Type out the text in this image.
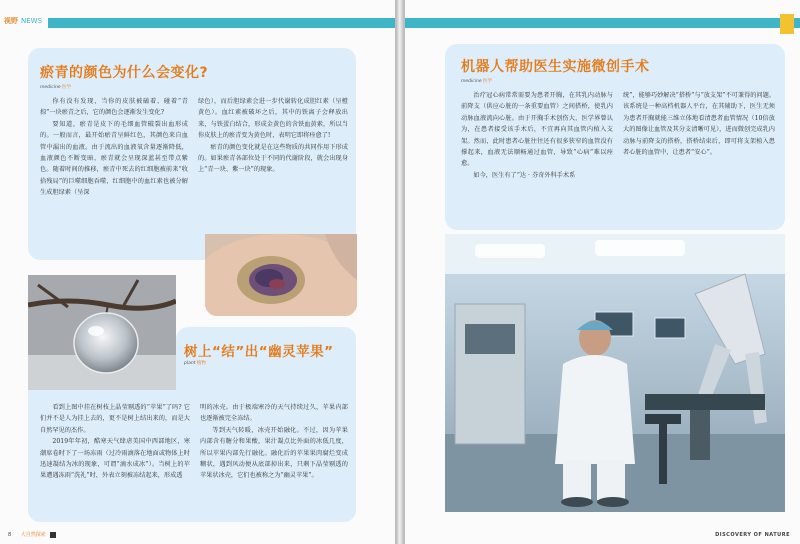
视野 NEWS
瘀青的颜色为什么会变化?
medicine 医学

你有没有发现，当你的皮肤被磕着、碰着“青掠”一块瘀青之后，它的颜色会逐渐发生变化?

要知道，瘀青是皮下的毛细血管破裂出血形成的。一般而言，最开始瘀青呈鲜红色，其颜色来自血管中漏出的血液。由于流出的血液氧含量逐渐降低，血液颜色不断变暗，瘀青就会呈现深蓝甚至带点紫色。随着时间的推移，瘀青中死去的红细胞被前来“收拾残局”的巨噬细胞吞噬，红细胞中的血红素也被分解生成胆绿素（呈深

绿色），而后胆绿素会进一步代谢转化成胆红素（呈橙黄色）。血红素被破坏之后，其中的铁离子会释放出来，与铁蛋白结合，形成金黄色的含铁血黄素，所以当你皮肤上的瘀青变为黄色时，表明它即将痊愈了!

瘀青的颜色变化就是在这些物质的共同作用下形成的。如果瘀青各部位处于不同的代谢阶段，就会出现身上“青一块、紫一块”的现象。

树上“结”出“幽灵苹果”
plant 植物

看到上图中挂在树枝上晶莹剔透的“苹果”了吗? 它们并不是人为挂上去的，更不是树上结出来的，而是大自然罕见的杰作。

2019年年初，酷寒天气肆虐美国中西部地区，寒潮席卷时下了一场冻雨（过冷雨滴落在地面或物体上时迅速凝结为冰的现象，可谓“滴水成冰”）。当树上的苹果遭遇冻雨“洗礼”时，外表立刻被冻结起来，形成透

明的冰壳。由于极端寒冷的天气持续过久，苹果内部也逐渐被完全冻结。

等到天气转暖，冰壳开始融化。不过，因为苹果内部含有糖分和果酸，果汁凝点比外面的冰低几度，所以苹果内部先行融化。融化后的苹果果肉腐烂变成糊状，遇到风动便从底部掉出来，只剩下晶莹剔透的苹果状冰壳，它们也被称之为“幽灵苹果”。

8 大自然探索
机器人帮助医生实施微创手术
medicine 医学

治疗冠心病常常需要为患者开胸，在其乳内动脉与前降支（供应心脏的一条重要血管）之间搭桥，使乳内动脉血液流向心脏。由于开胸手术创伤大，医学界曾认为，在患者接受该手术后，不宜再向其血管内植入支架。然而，此时患者心脏往往还有很多狭窄的血管没有撑起来，血液无法顺畅通过血管，导致“心病”难以痊愈。

如今，医生有了“达 · 芬奇外科手术系

统”，能够巧妙解决“搭桥”与“放支架”不可兼得的问题。该系统是一种高档机器人平台，在其辅助下，医生无须为患者开胸就能三维立体地看清患者血管情况（10倍放大的图像让血管及其分支清晰可见），进而微创完成乳内动脉与前降支的搭桥，搭桥结束后，即可将支架植入患者心脏的血管中，让患者“安心”。

DISCOVERY OF NATURE
